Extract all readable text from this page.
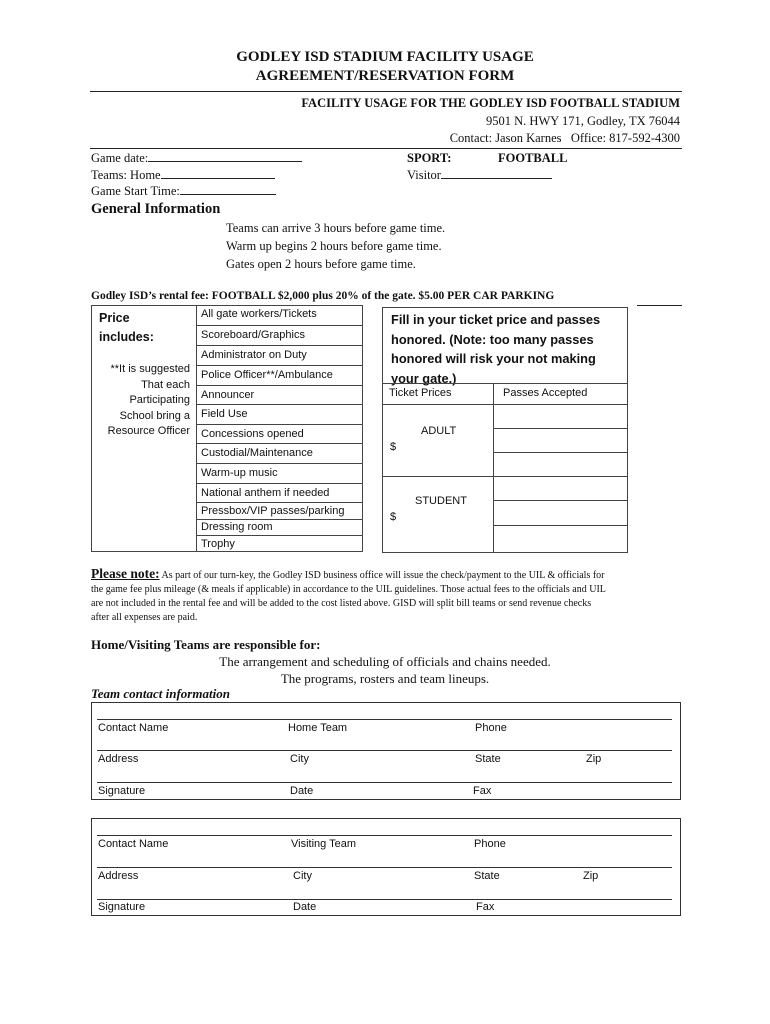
GODLEY ISD STADIUM FACILITY USAGE
AGREEMENT/RESERVATION FORM
FACILITY USAGE FOR THE GODLEY ISD FOOTBALL STADIUM
9501 N. HWY 171, Godley, TX 76044
Contact: Jason Karnes   Office: 817-592-4300
Game date:
Teams: Home
Game Start Time:
SPORT:	FOOTBALL
Visitor
General Information
Teams can arrive 3 hours before game time.
Warm up begins 2 hours before game time.
Gates open 2 hours before game time.
Godley ISD’s rental fee: FOOTBALL $2,000 plus 20% of the gate. $5.00 PER CAR PARKING
Price
includes:
**It is suggested
That each
Participating
School bring a
Resource Officer
All gate workers/Tickets
Scoreboard/Graphics
Administrator on Duty
Police Officer**/Ambulance
Announcer
Field Use
Concessions opened
Custodial/Maintenance
Warm-up music
National anthem if needed
Pressbox/VIP passes/parking
Dressing room
Trophy
Fill in your ticket price and passes
honored. (Note: too many passes
honored will risk your not making
your gate.)
Ticket Prices	Passes Accepted
ADULT
$
STUDENT
$
Please note: As part of our turn-key, the Godley ISD business office will issue the check/payment to the UIL & officials for
the game fee plus mileage (& meals if applicable) in accordance to the UIL guidelines. Those actual fees to the officials and UIL
are not included in the rental fee and will be added to the cost listed above. GISD will split bill teams or send revenue checks
after all expenses are paid.
Home/Visiting Teams are responsible for:
The arrangement and scheduling of officials and chains needed.
The programs, rosters and team lineups.
Team contact information
Contact Name	Home Team	Phone
Address	City	State	Zip
Signature	Date	Fax
Contact Name	Visiting Team	Phone
Address	City	State	Zip
Signature	Date	Fax
